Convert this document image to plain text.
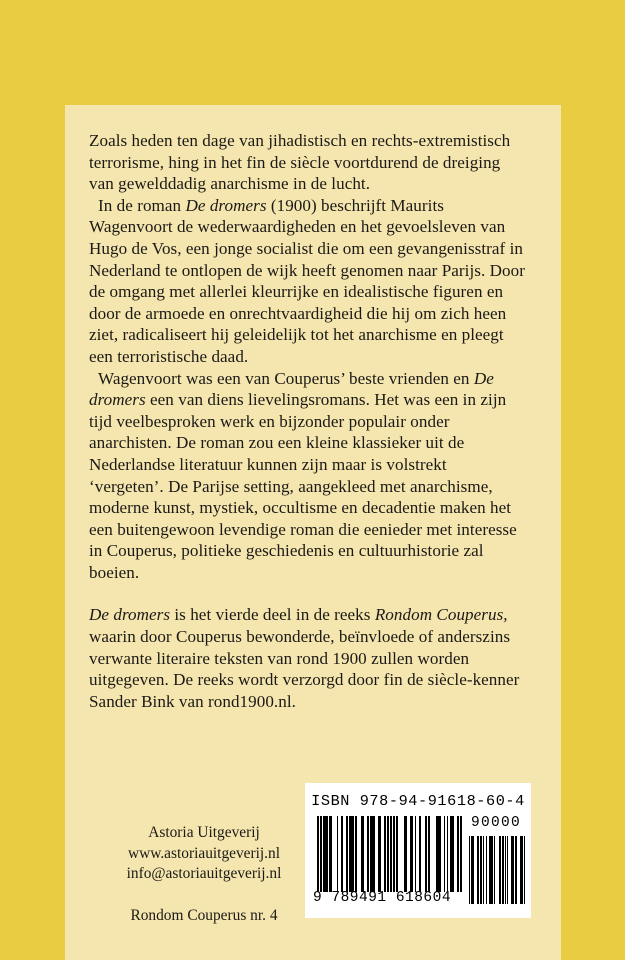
Zoals heden ten dage van jihadistisch en rechts-extremistisch terrorisme, hing in het fin de siècle voortdurend de dreiging van gewelddadig anarchisme in de lucht.

In de roman De dromers (1900) beschrijft Maurits Wagenvoort de wederwaardigheden en het gevoelsleven van Hugo de Vos, een jonge socialist die om een gevangenisstraf in Nederland te ontlopen de wijk heeft genomen naar Parijs. Door de omgang met allerlei kleurrijke en idealistische figuren en door de armoede en onrechtvaardigheid die hij om zich heen ziet, radicaliseert hij geleidelijk tot het anarchisme en pleegt een terroristische daad.

Wagenvoort was een van Couperus’ beste vrienden en De dromers een van diens lievelingsromans. Het was een in zijn tijd veelbesproken werk en bijzonder populair onder anarchisten. De roman zou een kleine klassieker uit de Nederlandse literatuur kunnen zijn maar is volstrekt ‘vergeten’. De Parijse setting, aangekleed met anarchisme, moderne kunst, mystiek, occultisme en decadentie maken het een buitengewoon levendige roman die eenieder met interesse in Couperus, politieke geschiedenis en cultuurhistorie zal boeien.

De dromers is het vierde deel in de reeks Rondom Couperus, waarin door Couperus bewonderde, beïnvloede of anderszins verwante literaire teksten van rond 1900 zullen worden uitgegeven. De reeks wordt verzorgd door fin de siècle-kenner Sander Bink van rond1900.nl.

Astoria Uitgeverij
www.astoriauitgeverij.nl
info@astoriauitgeverij.nl
Rondom Couperus nr. 4
ISBN 978-94-91618-60-4
9 789491 618604
90000
